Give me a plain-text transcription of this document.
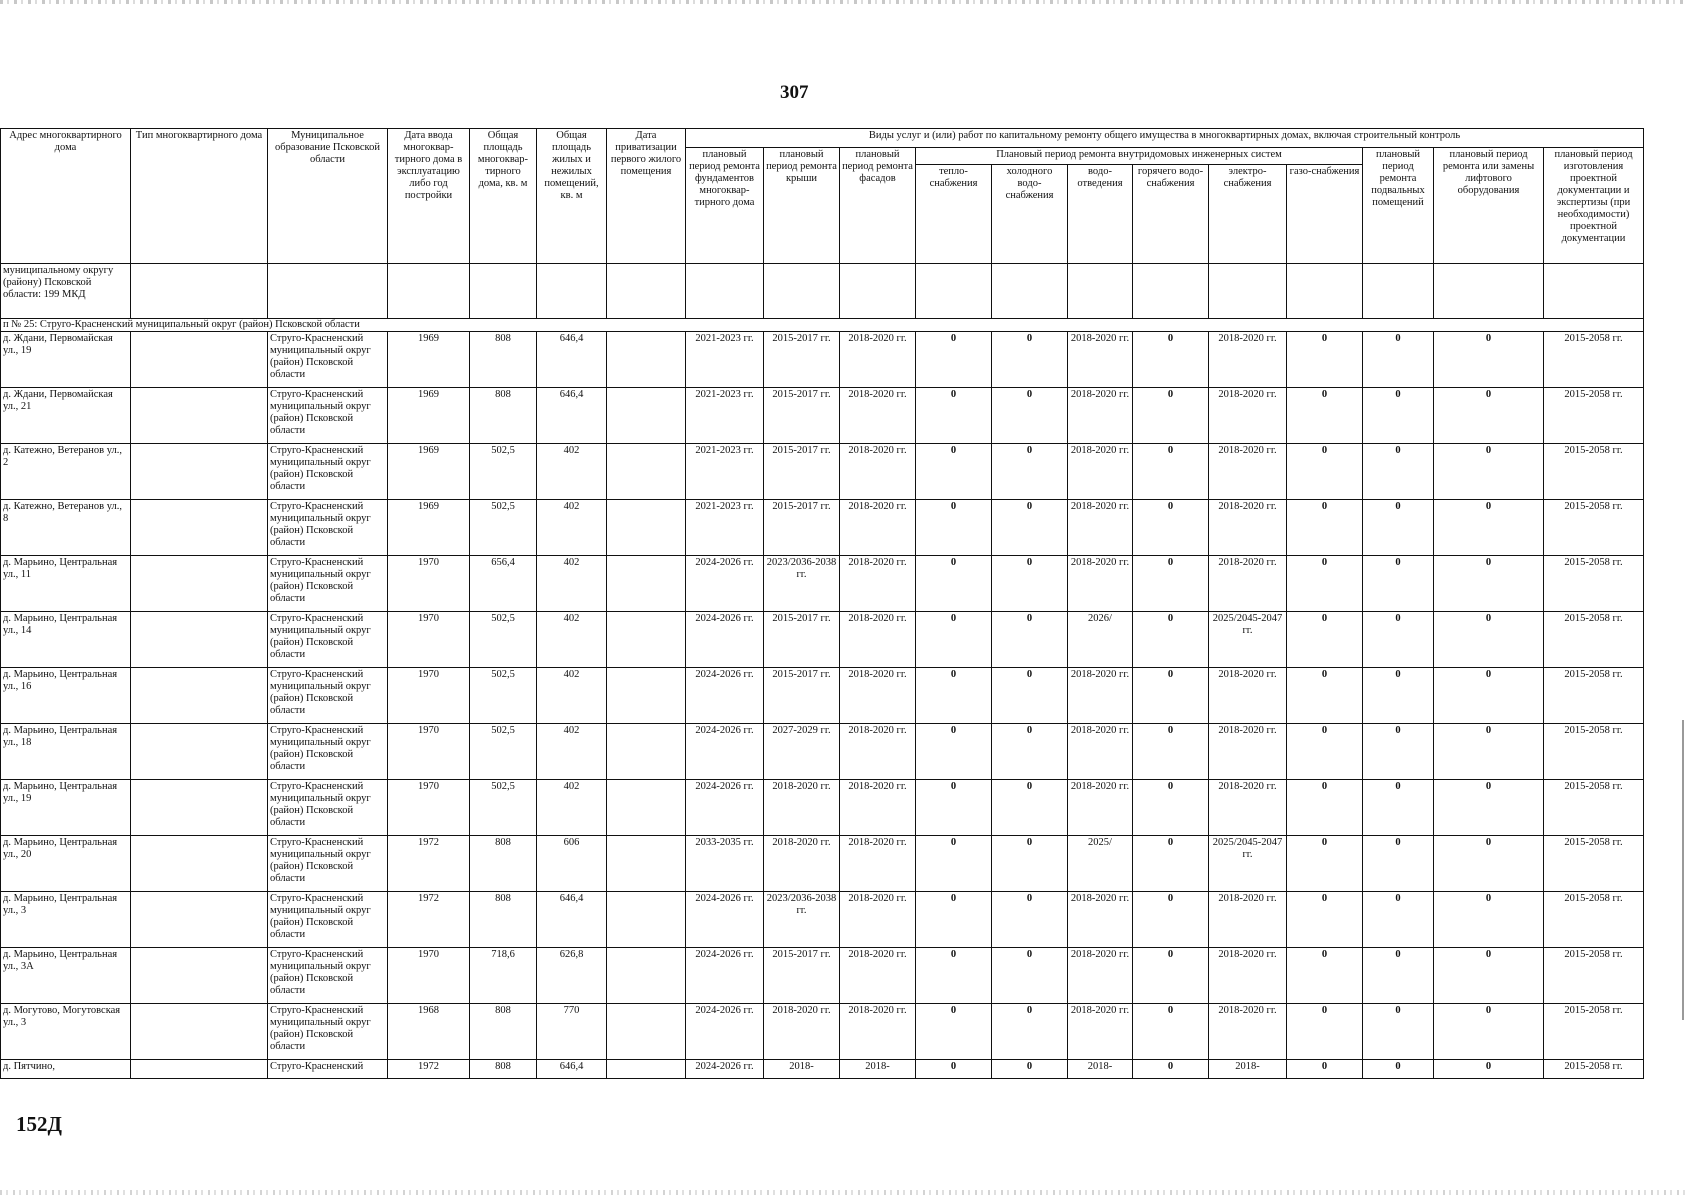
307
Адрес многоквартирного дома	Тип многоквартирного дома	Муниципальное образование Псковской области	Дата ввода многоквар-тирного дома в эксплуатацию либо год постройки	Общая площадь многоквар-тирного дома, кв. м	Общая площадь жилых и нежилых помещений, кв. м	Дата приватизации первого жилого помещения	Виды услуг и (или) работ по капитальному ремонту общего имущества в многоквартирных домах, включая строительный контроль											
							плановый период ремонта фундаментов многоквар-тирного дома	плановый период ремонта крыши	плановый период ремонта фасадов	Плановый период ремонта внутридомовых инженерных систем						плановый период ремонта подвальных помещений	плановый период ремонта или замены лифтового оборудования	плановый период изготовления проектной документации и экспертизы (при необходимости) проектной документации
										тепло-снабжения	холодного водо-снабжения	водо-отведения	горячего водо-снабжения	электро-снабжения	газо-снабжения			
муниципальному округу (району) Псковской области: 199 МКД																		
п № 25: Струго-Красненский муниципальный округ (район) Псковской области																		
д. Ждани, Первомайская ул., 19		Струго-Красненский муниципальный округ (район) Псковской области	1969	808	646,4		2021-2023 гг.	2015-2017 гг.	2018-2020 гг.	0	0	2018-2020 гг.	0	2018-2020 гг.	0	0	0	2015-2058 гг.
д. Ждани, Первомайская ул., 21		Струго-Красненский муниципальный округ (район) Псковской области	1969	808	646,4		2021-2023 гг.	2015-2017 гг.	2018-2020 гг.	0	0	2018-2020 гг.	0	2018-2020 гг.	0	0	0	2015-2058 гг.
д. Катежно, Ветеранов ул., 2		Струго-Красненский муниципальный округ (район) Псковской области	1969	502,5	402		2021-2023 гг.	2015-2017 гг.	2018-2020 гг.	0	0	2018-2020 гг.	0	2018-2020 гг.	0	0	0	2015-2058 гг.
д. Катежно, Ветеранов ул., 8		Струго-Красненский муниципальный округ (район) Псковской области	1969	502,5	402		2021-2023 гг.	2015-2017 гг.	2018-2020 гг.	0	0	2018-2020 гг.	0	2018-2020 гг.	0	0	0	2015-2058 гг.
д. Марьино, Центральная ул., 11		Струго-Красненский муниципальный округ (район) Псковской области	1970	656,4	402		2024-2026 гг.	2023/2036-2038 гг.	2018-2020 гг.	0	0	2018-2020 гг.	0	2018-2020 гг.	0	0	0	2015-2058 гг.
д. Марьино, Центральная ул., 14		Струго-Красненский муниципальный округ (район) Псковской области	1970	502,5	402		2024-2026 гг.	2015-2017 гг.	2018-2020 гг.	0	0	2026/	0	2025/2045-2047 гг.	0	0	0	2015-2058 гг.
д. Марьино, Центральная ул., 16		Струго-Красненский муниципальный округ (район) Псковской области	1970	502,5	402		2024-2026 гг.	2015-2017 гг.	2018-2020 гг.	0	0	2018-2020 гг.	0	2018-2020 гг.	0	0	0	2015-2058 гг.
д. Марьино, Центральная ул., 18		Струго-Красненский муниципальный округ (район) Псковской области	1970	502,5	402		2024-2026 гг.	2027-2029 гг.	2018-2020 гг.	0	0	2018-2020 гг.	0	2018-2020 гг.	0	0	0	2015-2058 гг.
д. Марьино, Центральная ул., 19		Струго-Красненский муниципальный округ (район) Псковской области	1970	502,5	402		2024-2026 гг.	2018-2020 гг.	2018-2020 гг.	0	0	2018-2020 гг.	0	2018-2020 гг.	0	0	0	2015-2058 гг.
д. Марьино, Центральная ул., 20		Струго-Красненский муниципальный округ (район) Псковской области	1972	808	606		2033-2035 гг.	2018-2020 гг.	2018-2020 гг.	0	0	2025/	0	2025/2045-2047 гг.	0	0	0	2015-2058 гг.
д. Марьино, Центральная ул., 3		Струго-Красненский муниципальный округ (район) Псковской области	1972	808	646,4		2024-2026 гг.	2023/2036-2038 гг.	2018-2020 гг.	0	0	2018-2020 гг.	0	2018-2020 гг.	0	0	0	2015-2058 гг.
д. Марьино, Центральная ул., 3А		Струго-Красненский муниципальный округ (район) Псковской области	1970	718,6	626,8		2024-2026 гг.	2015-2017 гг.	2018-2020 гг.	0	0	2018-2020 гг.	0	2018-2020 гг.	0	0	0	2015-2058 гг.
д. Могутово, Могутовская ул., 3		Струго-Красненский муниципальный округ (район) Псковской области	1968	808	770		2024-2026 гг.	2018-2020 гг.	2018-2020 гг.	0	0	2018-2020 гг.	0	2018-2020 гг.	0	0	0	2015-2058 гг.
д. Пятчино,		Струго-Красненский	1972	808	646,4		2024-2026 гг.	2018-	2018-	0	0	2018-	0	2018-	0	0	0	2015-2058 гг.
152Д
